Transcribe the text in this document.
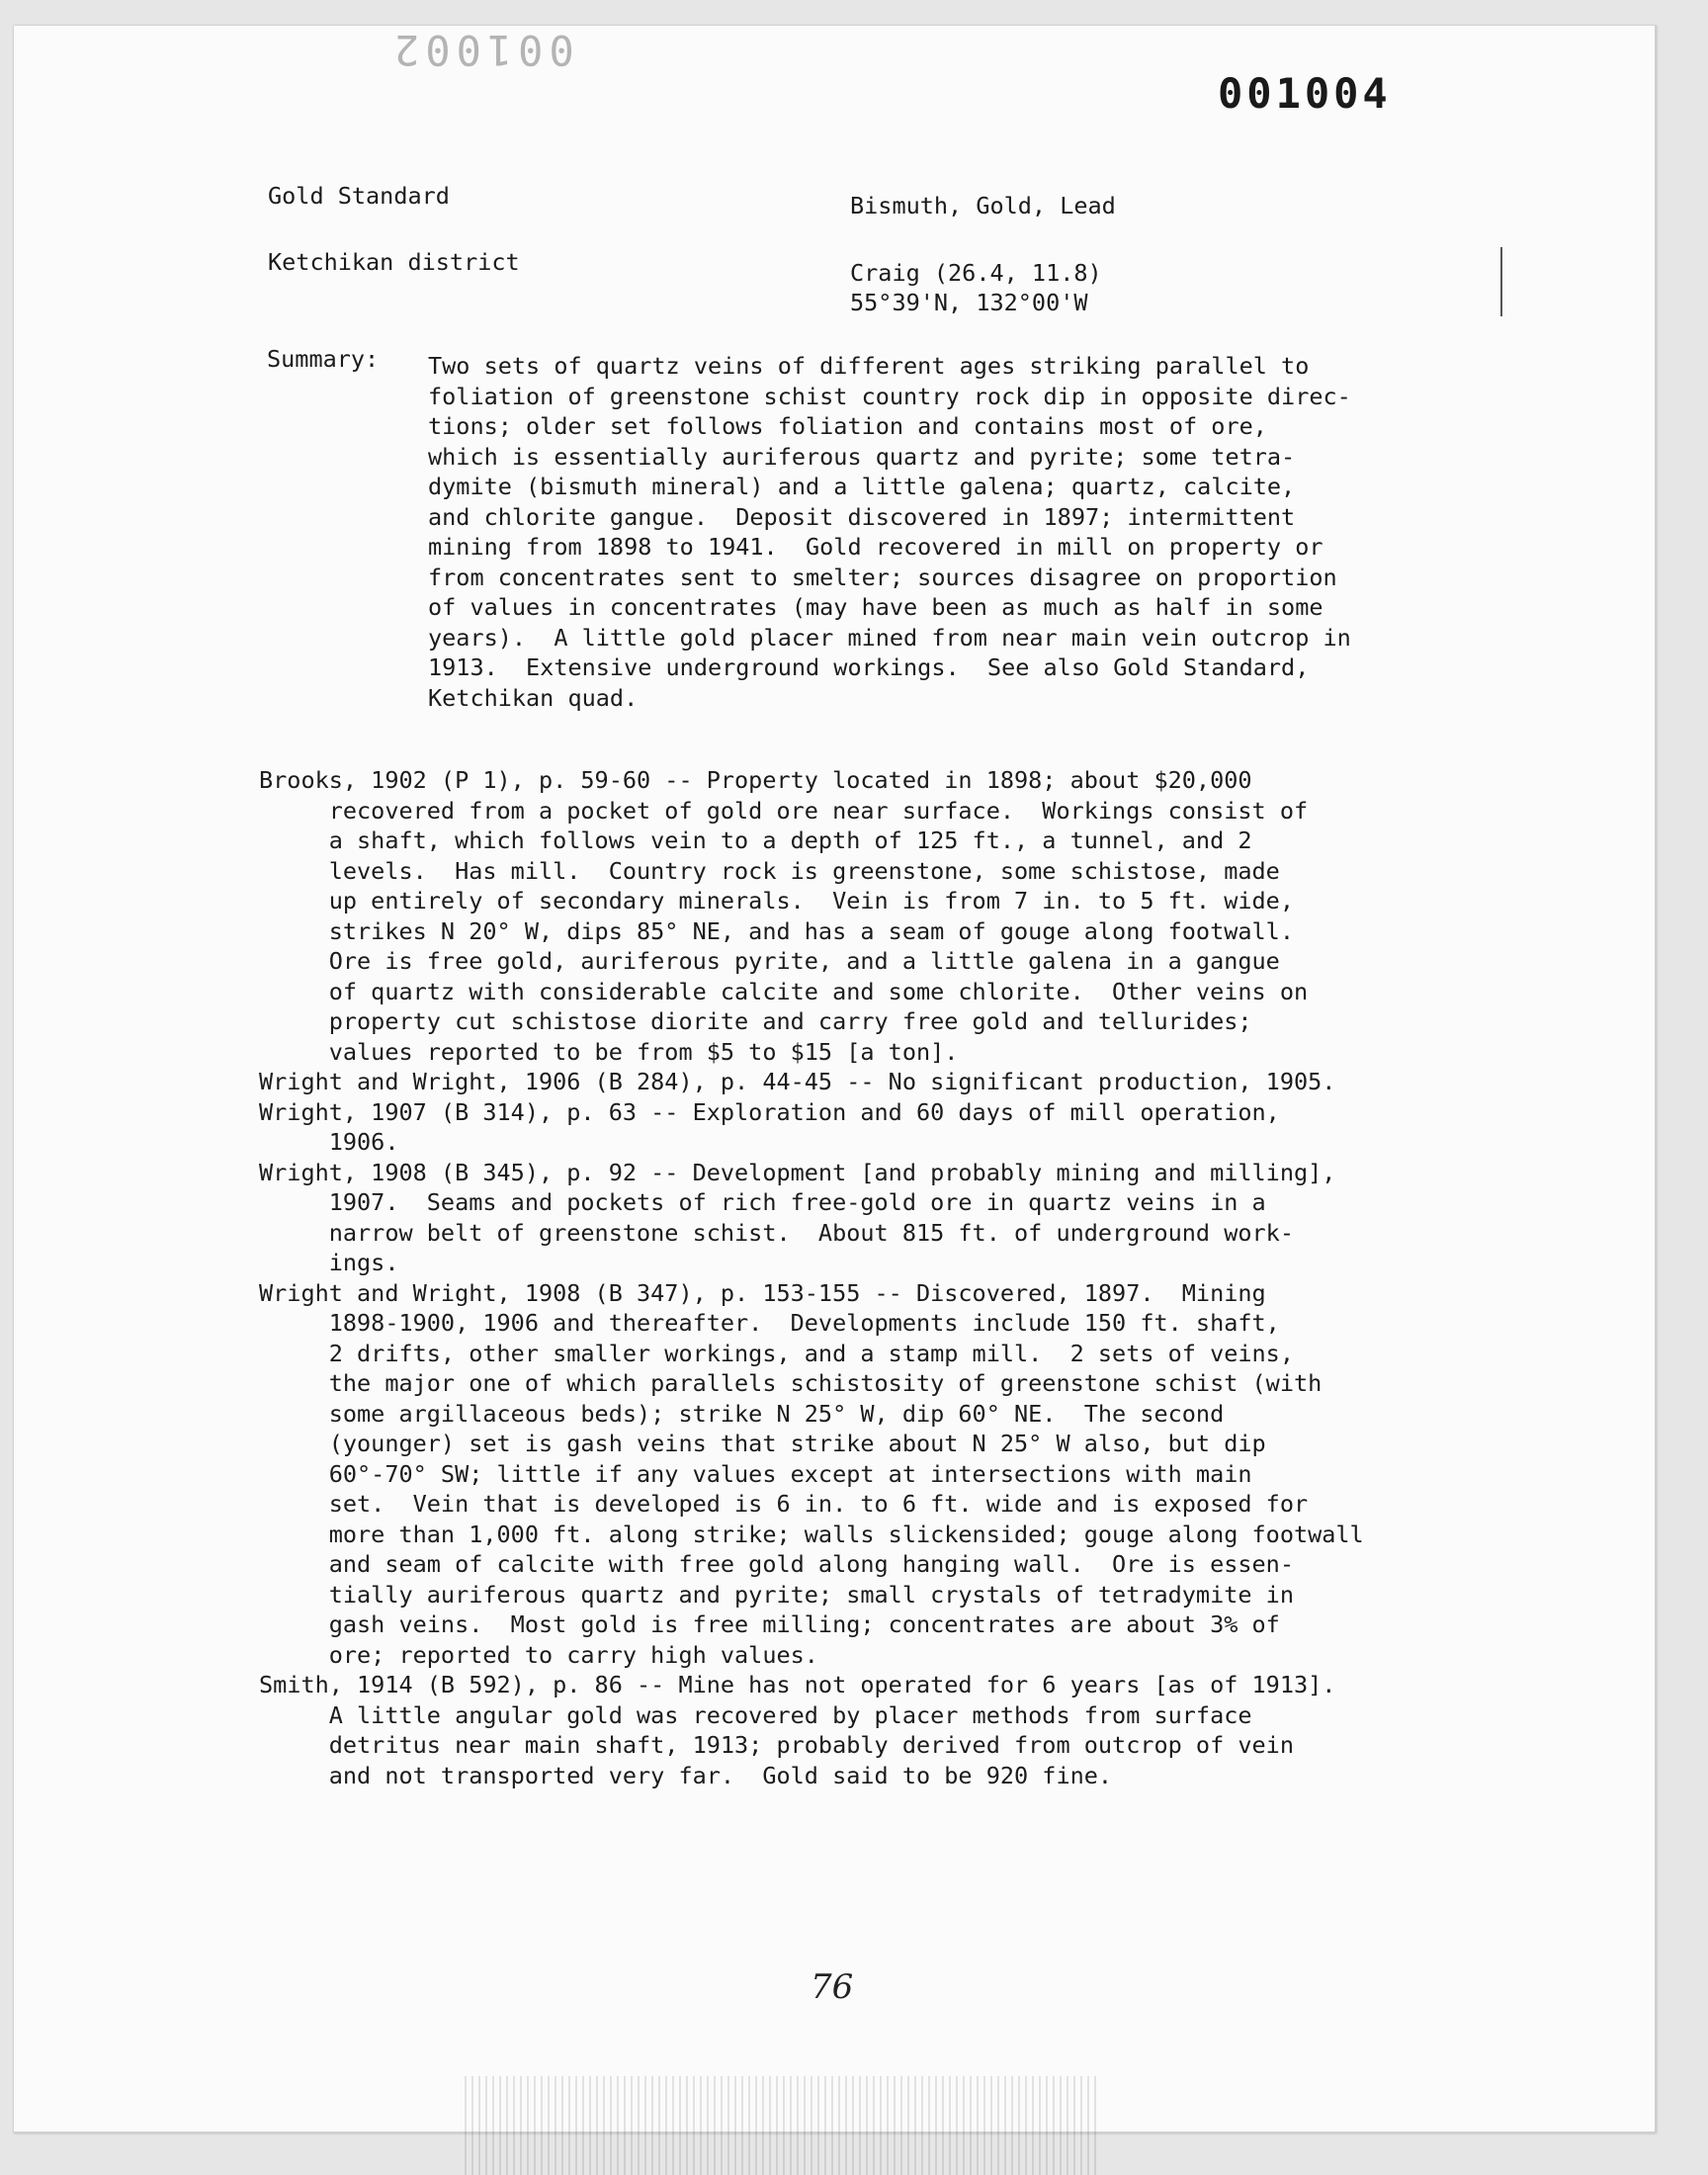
001002
001004
Gold Standard	Bismuth, Gold, Lead
Ketchikan district	Craig (26.4, 11.8)
55°39'N, 132°00'W
Summary: Two sets of quartz veins of different ages striking parallel to
foliation of greenstone schist country rock dip in opposite direc-
tions; older set follows foliation and contains most of ore,
which is essentially auriferous quartz and pyrite; some tetra-
dymite (bismuth mineral) and a little galena; quartz, calcite,
and chlorite gangue.  Deposit discovered in 1897; intermittent
mining from 1898 to 1941.  Gold recovered in mill on property or
from concentrates sent to smelter; sources disagree on proportion
of values in concentrates (may have been as much as half in some
years).  A little gold placer mined from near main vein outcrop in
1913.  Extensive underground workings.  See also Gold Standard,
Ketchikan quad.
Brooks, 1902 (P 1), p. 59-60 -- Property located in 1898; about $20,000
recovered from a pocket of gold ore near surface.  Workings consist of
a shaft, which follows vein to a depth of 125 ft., a tunnel, and 2
levels.  Has mill.  Country rock is greenstone, some schistose, made
up entirely of secondary minerals.  Vein is from 7 in. to 5 ft. wide,
strikes N 20° W, dips 85° NE, and has a seam of gouge along footwall.
Ore is free gold, auriferous pyrite, and a little galena in a gangue
of quartz with considerable calcite and some chlorite.  Other veins on
property cut schistose diorite and carry free gold and tellurides;
values reported to be from $5 to $15 [a ton].
Wright and Wright, 1906 (B 284), p. 44-45 -- No significant production, 1905.
Wright, 1907 (B 314), p. 63 -- Exploration and 60 days of mill operation,
1906.
Wright, 1908 (B 345), p. 92 -- Development [and probably mining and milling],
1907.  Seams and pockets of rich free-gold ore in quartz veins in a
narrow belt of greenstone schist.  About 815 ft. of underground work-
ings.
Wright and Wright, 1908 (B 347), p. 153-155 -- Discovered, 1897.  Mining
1898-1900, 1906 and thereafter.  Developments include 150 ft. shaft,
2 drifts, other smaller workings, and a stamp mill.  2 sets of veins,
the major one of which parallels schistosity of greenstone schist (with
some argillaceous beds); strike N 25° W, dip 60° NE.  The second
(younger) set is gash veins that strike about N 25° W also, but dip
60°-70° SW; little if any values except at intersections with main
set.  Vein that is developed is 6 in. to 6 ft. wide and is exposed for
more than 1,000 ft. along strike; walls slickensided; gouge along footwall
and seam of calcite with free gold along hanging wall.  Ore is essen-
tially auriferous quartz and pyrite; small crystals of tetradymite in
gash veins.  Most gold is free milling; concentrates are about 3% of
ore; reported to carry high values.
Smith, 1914 (B 592), p. 86 -- Mine has not operated for 6 years [as of 1913].
A little angular gold was recovered by placer methods from surface
detritus near main shaft, 1913; probably derived from outcrop of vein
and not transported very far.  Gold said to be 920 fine.
76
